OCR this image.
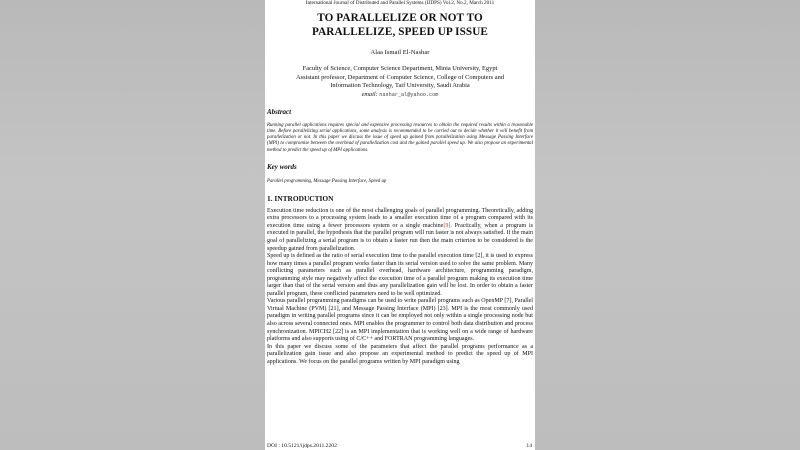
International Journal of Distributed and Parallel Systems (IJDPS) Vol.2, No.2, March 2011
TO PARALLELIZE OR NOT TO
PARALLELIZE, SPEED UP ISSUE
Alaa Ismail El-Nashar
Faculty of Science, Computer Science Department, Minia University, Egypt
Assistant professor, Department of Computer Science, College of Computers and
Information Technology, Taif University, Saudi Arabia
email: nashar_al@yahoo.com
Abstract
Running parallel applications requires special and expensive processing resources to obtain the required results within a reasonable time. Before parallelizing serial applications, some analysis is recommended to be carried out to decide whether it will benefit from parallelization or not. In this paper we discuss the issue of speed up gained from parallelization using Message Passing Interface (MPI) to compromise between the overhead of parallelization cost and the gained parallel speed up. We also propose an experimental method to predict the speed up of MPI applications.
Key words
Parallel programming, Message Passing Interface, Speed up
1. INTRODUCTION

Execution time reduction is one of the most challenging goals of parallel programming. Theoretically, adding extra processors to a processing system leads to a smaller execution time of a program compared with its execution time using a fewer processors system or a single machine[9]. Practically, when a program is executed in parallel, the hypothesis that the parallel program will run faster is not always satisfied. If the main goal of parallelizing a serial program is to obtain a faster run then the main criterion to be considered is the speedup gained from parallelization.

Speed up is defined as the ratio of serial execution time to the parallel execution time [2], it is used to express how many times a parallel program works faster than its serial version used to solve the same problem. Many conflicting parameters such as parallel overhead, hardware architecture, programming paradigm, programming style may negatively affect the execution time of a parallel program making its execution time larger than that of the serial version and thus any parallelization gain will be lost. In order to obtain a faster parallel program, these conflicted parameters need to be well optimized.

Various parallel programming paradigms can be used to write parallel programs such as OpenMP [7], Parallel Virtual Machine (PVM) [21], and Message Passing Interface (MPI) [23]. MPI is the most commonly used paradigm in writing parallel programs since it can be employed not only within a single processing node but also across several connected ones. MPI enables the programmer to control both data distribution and process synchronization. MPICH2 [22] is an MPI implementation that is working well on a wide range of hardware platforms and also supports using of C/C++ and FORTRAN programming languages.

In this paper we discuss some of the parameters that affect the parallel programs performance as a parallelization gain issue and also propose an experimental method to predict the speed up of MPI applications. We focus on the parallel programs written by MPI paradigm using

DOI : 10.5121/ijdps.2011.2202	14
